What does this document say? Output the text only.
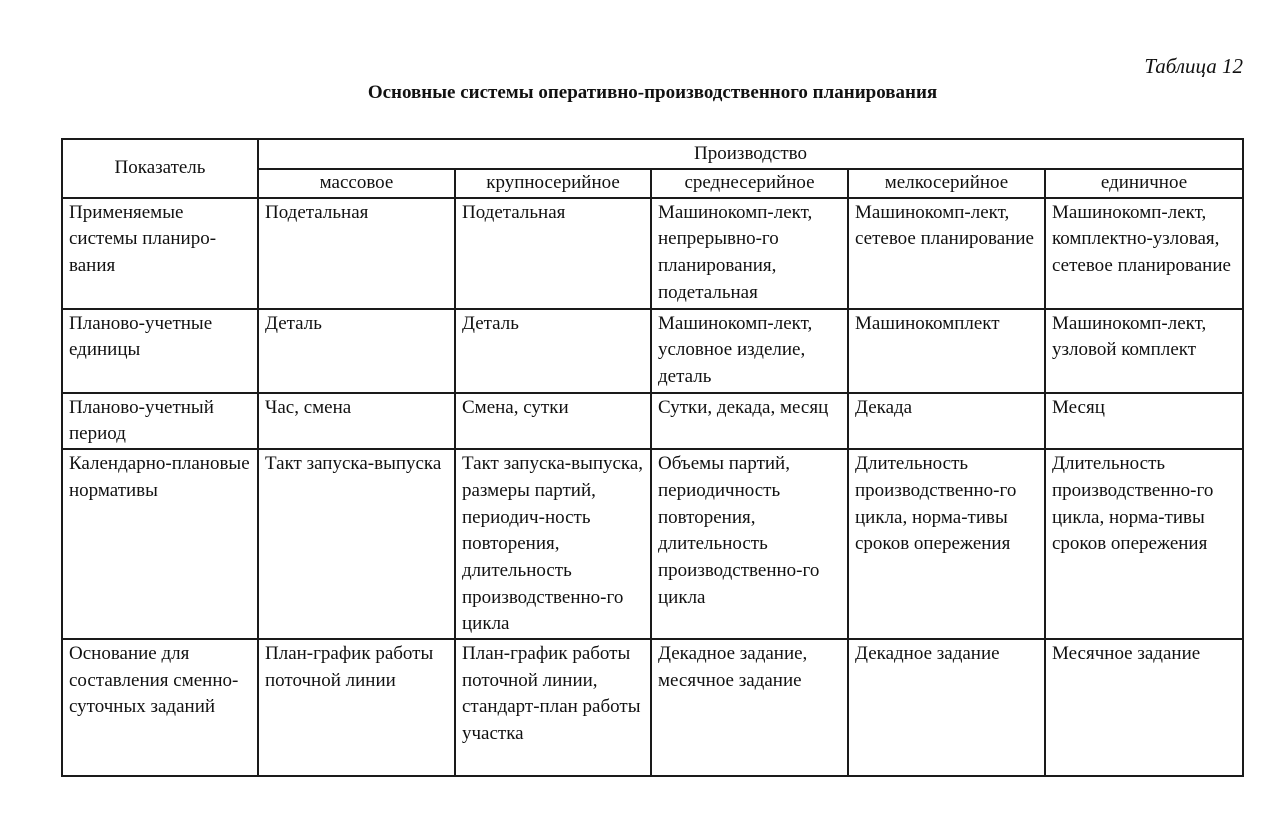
Таблица 12
Основные системы оперативно-производственного планирования
Показатель	Производство				
	массовое	крупносерийное	среднесерийное	мелкосерийное	единичное
Применяемые системы планиро-вания	Подетальная	Подетальная	Машинокомп-лект, непрерывно-го планирования, подетальная	Машинокомп-лект, сетевое планирование	Машинокомп-лект, комплектно-узловая, сетевое планирование
Планово-учетные единицы	Деталь	Деталь	Машинокомп-лект, условное изделие, деталь	Машинокомплект	Машинокомп-лект, узловой комплект
Планово-учетный период	Час, смена	Смена, сутки	Сутки, декада, месяц	Декада	Месяц
Календарно-плановые нормативы	Такт запуска-выпуска	Такт запуска-выпуска, размеры партий, периодич-ность повторения, длительность производственно-го цикла	Объемы партий, периодичность повторения, длительность производственно-го цикла	Длительность производственно-го цикла, норма-тивы сроков опережения	Длительность производственно-го цикла, норма-тивы сроков опережения
Основание для составления сменно-суточных заданий	План-график работы поточной линии	План-график работы поточной линии, стандарт-план работы участка	Декадное задание, месячное задание	Декадное задание	Месячное задание
